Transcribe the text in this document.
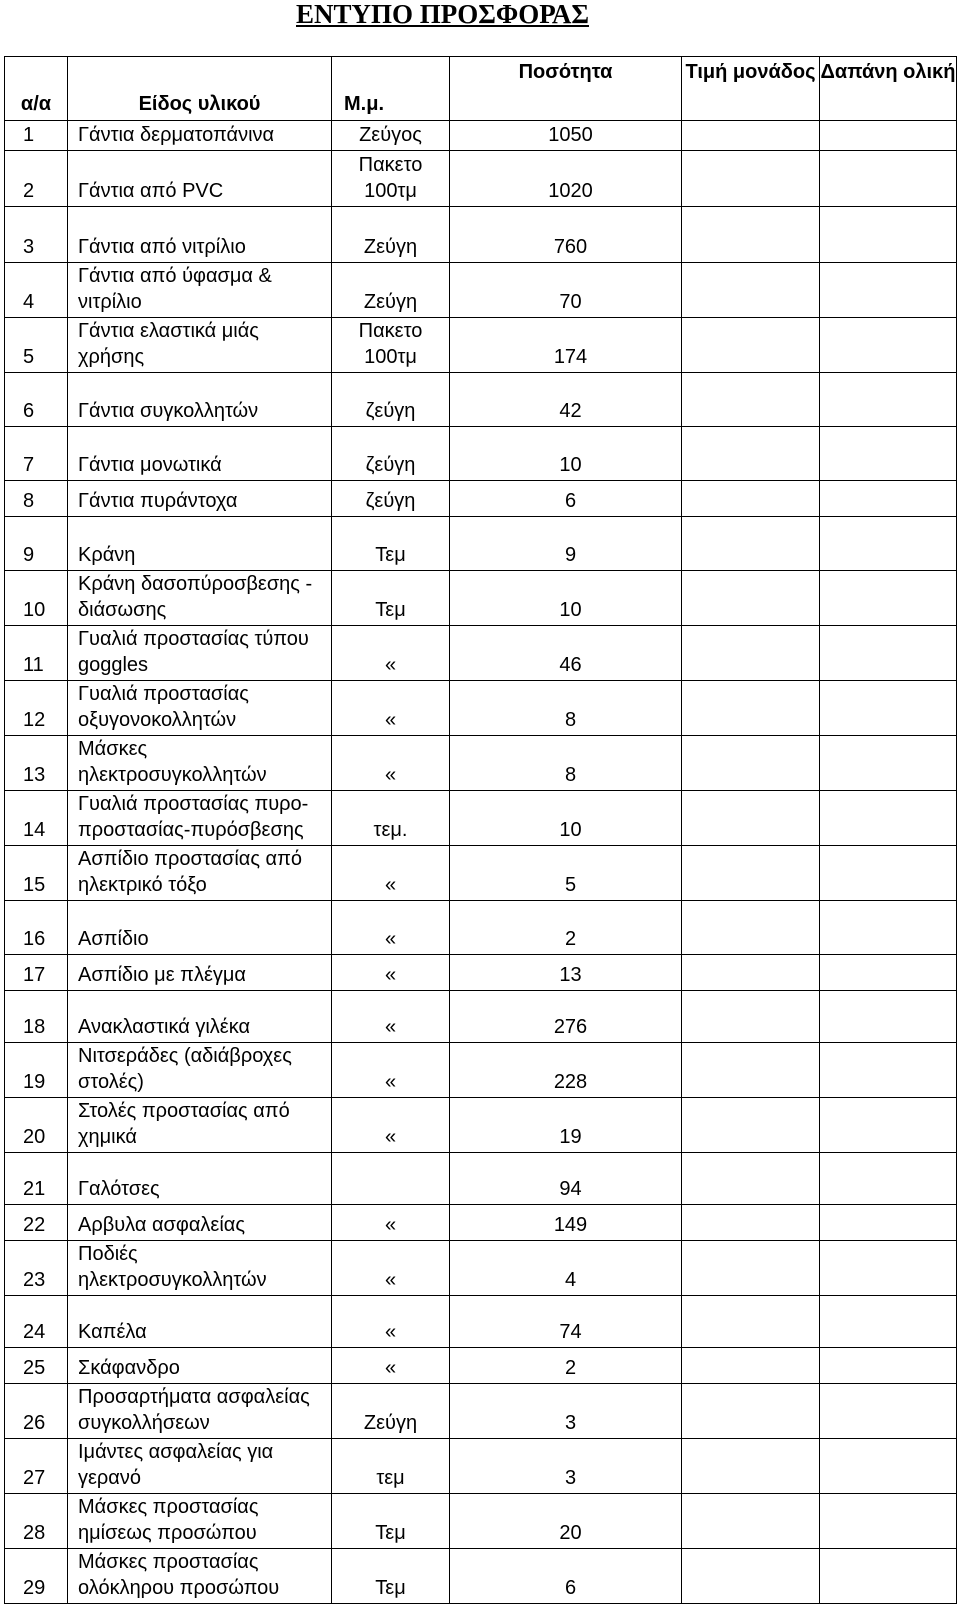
ΕΝΤΥΠΟ ΠΡΟΣΦΟΡΑΣ
α/α	Είδος υλικού	Μ.μ.	Ποσότητα	Τιμή μονάδος	Δαπάνη ολική
1	Γάντια δερματοπάνινα	Ζεύγος	1050		
2	Γάντια από PVC	Πακετο 100τμ	1020		
3	Γάντια από νιτρίλιο	Ζεύγη	760		
4	Γάντια από ύφασμα & νιτρίλιο	Ζεύγη	70		
5	Γάντια ελαστικά μιάς χρήσης	Πακετο 100τμ	174		
6	Γάντια συγκολλητών	ζεύγη	42		
7	Γάντια μονωτικά	ζεύγη	10		
8	Γάντια πυράντοχα	ζεύγη	6		
9	Κράνη	Τεμ	9		
10	Κράνη δασοπύροσβεσης - διάσωσης	Τεμ	10		
11	Γυαλιά προστασίας τύπου goggles	«	46		
12	Γυαλιά προστασίας οξυγονοκολλητών	«	8		
13	Μάσκες ηλεκτροσυγκολλητών	«	8		
14	Γυαλιά προστασίας πυρο-προστασίας-πυρόσβεσης	τεμ.	10		
15	Ασπίδιο προστασίας από ηλεκτρικό τόξο	«	5		
16	Ασπίδιο	«	2		
17	Ασπίδιο με πλέγμα	«	13		
18	Ανακλαστικά γιλέκα	«	276		
19	Νιτσεράδες (αδιάβροχες στολές)	«	228		
20	Στολές προστασίας από χημικά	«	19		
21	Γαλότσες		94		
22	Αρβυλα ασφαλείας	«	149		
23	Ποδιές ηλεκτροσυγκολλητών	«	4		
24	Καπέλα	«	74		
25	Σκάφανδρο	«	2		
26	Προσαρτήματα ασφαλείας συγκολλήσεων	Ζεύγη	3		
27	Ιμάντες ασφαλείας για γερανό	τεμ	3		
28	Μάσκες προστασίας ημίσεως προσώπου	Τεμ	20		
29	Μάσκες προστασίας ολόκληρου προσώπου	Τεμ	6		
